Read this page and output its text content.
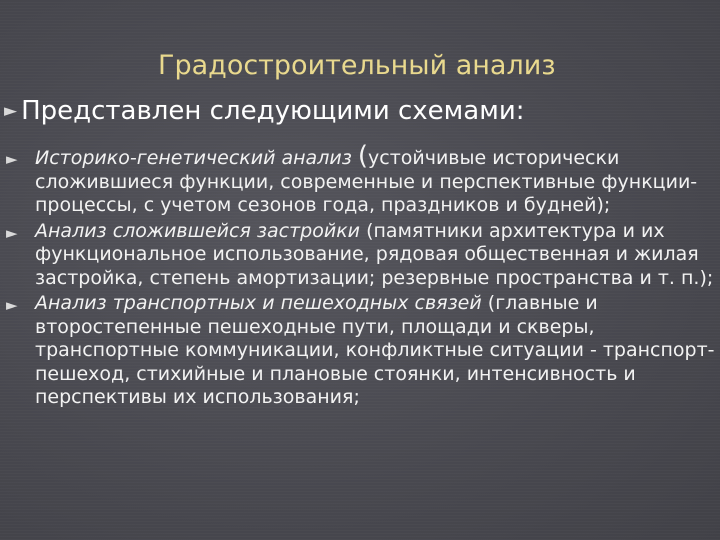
Градостроительный анализ
► Представлен следующими схемами:
► Историко-генетический анализ (устойчивые исторически сложившиеся функции, современные и перспективные функции-процессы, с учетом сезонов года, праздников и будней);
► Анализ сложившейся застройки (памятники архитектура и их функциональное использование, рядовая общественная и жилая застройка, степень амортизации; резервные пространства и т. п.);
► Анализ транспортных и пешеходных связей (главные и второстепенные пешеходные пути, площади и скверы, транспортные коммуникации, конфликтные ситуации - транспорт-пешеход, стихийные и плановые стоянки, интенсивность и перспективы их использования;
